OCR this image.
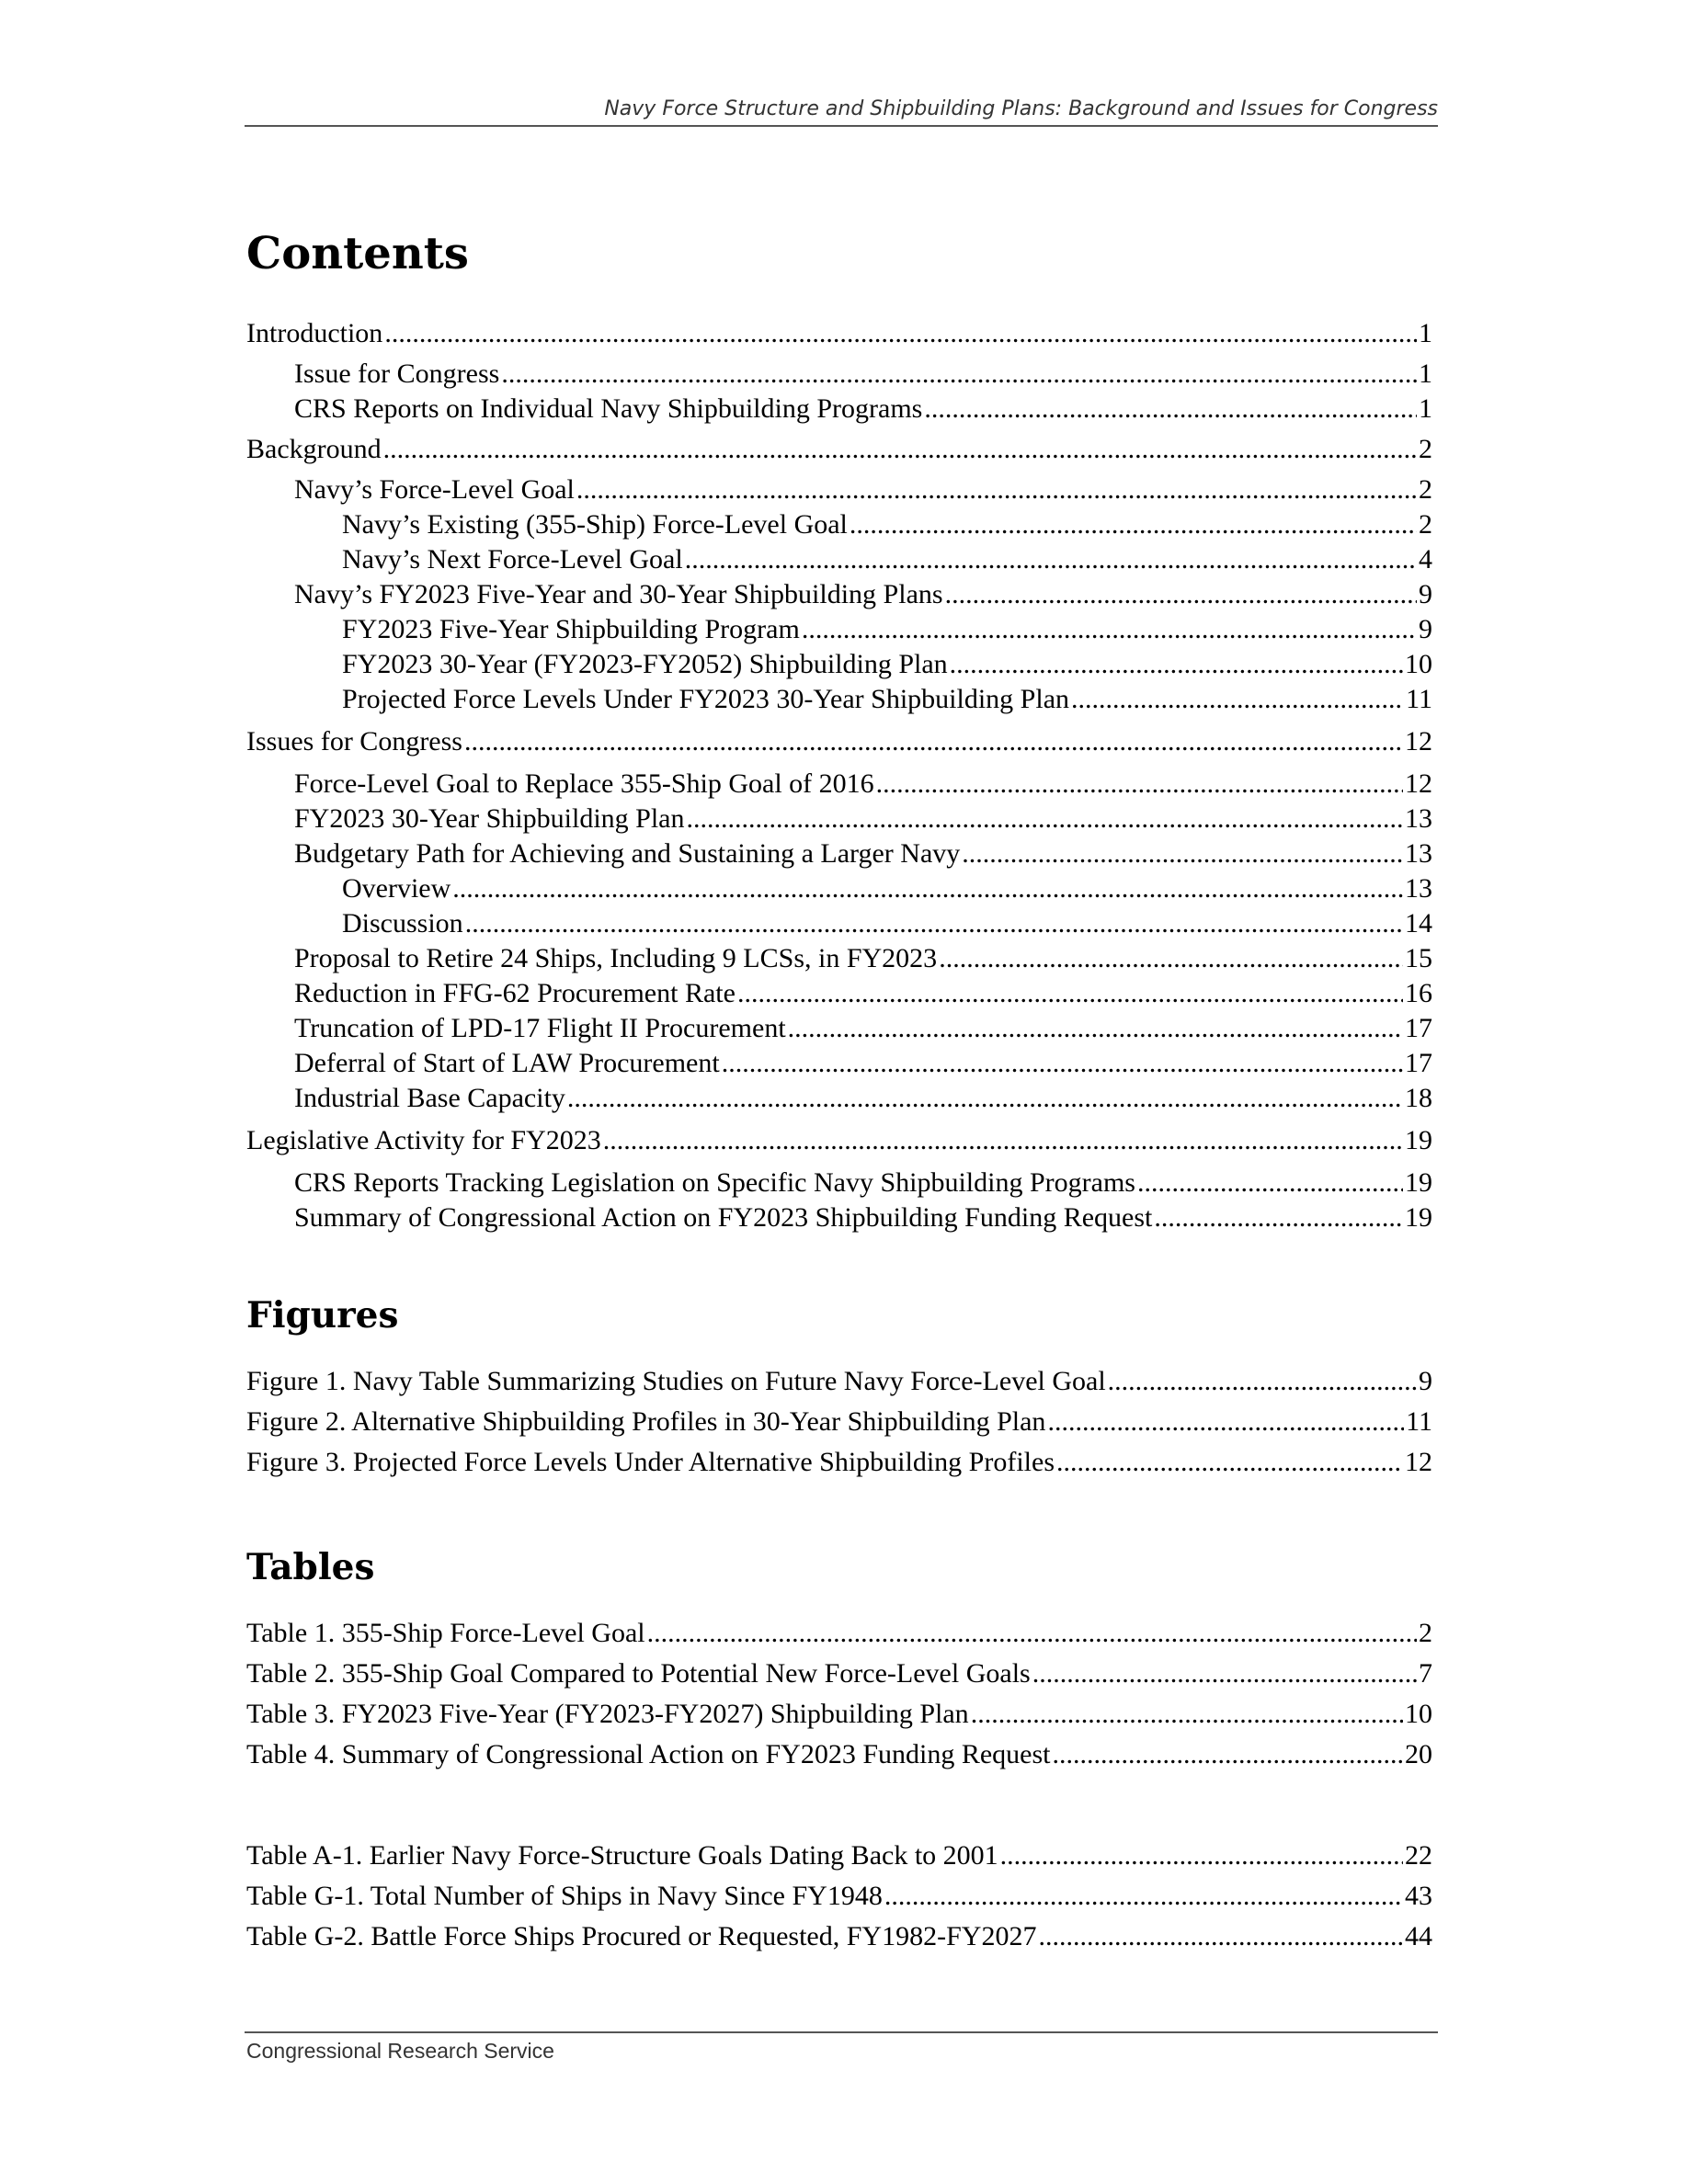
Navy Force Structure and Shipbuilding Plans: Background and Issues for Congress
Contents
Introduction .....	1
Issue for Congress .....	1
CRS Reports on Individual Navy Shipbuilding Programs .....	1
Background .....	2
Navy’s Force-Level Goal .....	2
Navy’s Existing (355-Ship) Force-Level Goal .....	2
Navy’s Next Force-Level Goal .....	4
Navy’s FY2023 Five-Year and 30-Year Shipbuilding Plans .....	9
FY2023 Five-Year Shipbuilding Program .....	9
FY2023 30-Year (FY2023-FY2052) Shipbuilding Plan .....	10
Projected Force Levels Under FY2023 30-Year Shipbuilding Plan .....	11
Issues for Congress .....	12
Force-Level Goal to Replace 355-Ship Goal of 2016 .....	12
FY2023 30-Year Shipbuilding Plan .....	13
Budgetary Path for Achieving and Sustaining a Larger Navy .....	13
Overview .....	13
Discussion .....	14
Proposal to Retire 24 Ships, Including 9 LCSs, in FY2023 .....	15
Reduction in FFG-62 Procurement Rate .....	16
Truncation of LPD-17 Flight II Procurement .....	17
Deferral of Start of LAW Procurement .....	17
Industrial Base Capacity .....	18
Legislative Activity for FY2023 .....	19
CRS Reports Tracking Legislation on Specific Navy Shipbuilding Programs .....	19
Summary of Congressional Action on FY2023 Shipbuilding Funding Request .....	19
Figures
Figure 1. Navy Table Summarizing Studies on Future Navy Force-Level Goal .....	9
Figure 2. Alternative Shipbuilding Profiles in 30-Year Shipbuilding Plan .....	11
Figure 3. Projected Force Levels Under Alternative Shipbuilding Profiles .....	12
Tables
Table 1. 355-Ship Force-Level Goal .....	2
Table 2. 355-Ship Goal Compared to Potential New Force-Level Goals .....	7
Table 3. FY2023 Five-Year (FY2023-FY2027) Shipbuilding Plan .....	10
Table 4. Summary of Congressional Action on FY2023 Funding Request .....	20
Table A-1. Earlier Navy Force-Structure Goals Dating Back to 2001 .....	22
Table G-1. Total Number of Ships in Navy Since FY1948 .....	43
Table G-2. Battle Force Ships Procured or Requested, FY1982-FY2027 .....	44
Congressional Research Service
